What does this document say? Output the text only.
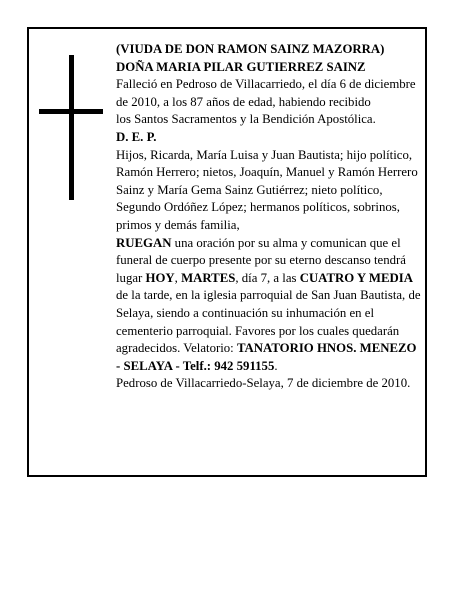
(VIUDA DE DON RAMON SAINZ MAZORRA)

DOÑA MARIA PILAR GUTIERREZ SAINZ

Falleció en Pedroso de Villacarriedo, el día 6 de diciembre

de 2010, a los 87 años de edad, habiendo recibido

los Santos Sacramentos y la Bendición Apostólica.

D. E. P.

Hijos, Ricarda, María Luisa y Juan Bautista; hijo político, Ramón Herrero; nietos, Joaquín, Manuel y Ramón Herrero Sainz y María Gema Sainz Gutiérrez; nieto político, Segundo Ordóñez López; hermanos políticos, sobrinos, primos y demás familia,

RUEGAN una oración por su alma y comunican que el funeral de cuerpo presente por su eterno descanso tendrá lugar HOY, MARTES, día 7, a las CUATRO Y MEDIA de la tarde, en la iglesia parroquial de San Juan Bautista, de Selaya, siendo a continuación su inhumación en el cementerio parroquial. Favores por los cuales quedarán agradecidos. Velatorio: TANATORIO HNOS. MENEZO - SELAYA - Telf.: 942 591155.

Pedroso de Villacarriedo-Selaya, 7 de diciembre de 2010.
